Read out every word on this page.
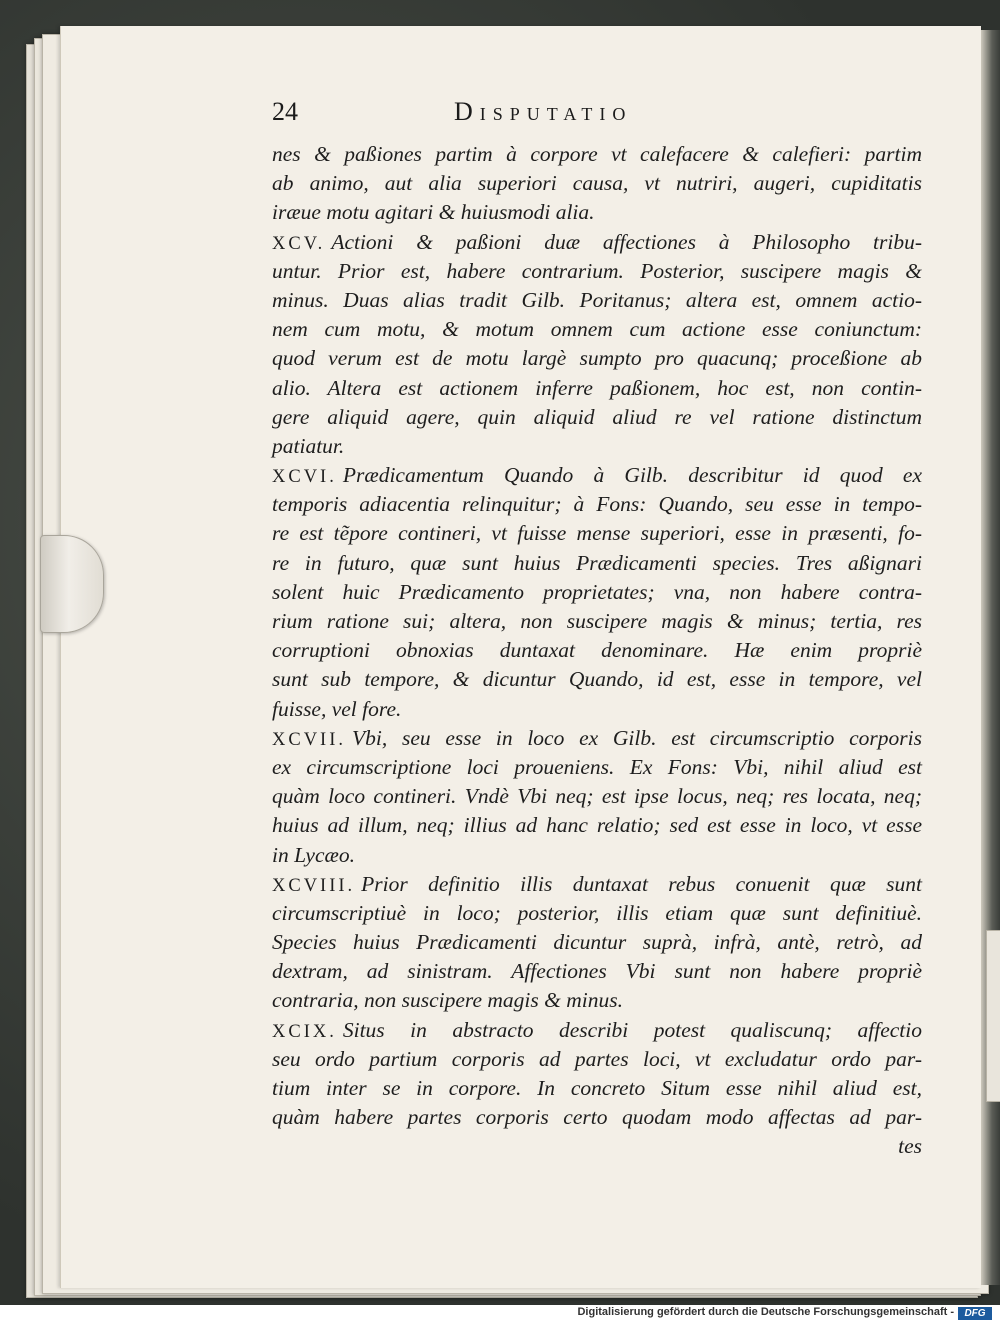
24	Disputatio
nes & paßiones partim à corpore vt calefacere & calefieri: partim
ab animo, aut alia superiori causa, vt nutriri, augeri, cupiditatis
iræue motu agitari & huiusmodi alia.
XCV. Actioni & paßioni duæ affectiones à Philosopho tribu-
untur. Prior est, habere contrarium. Posterior, suscipere magis &
minus. Duas alias tradit Gilb. Poritanus; altera est, omnem actio-
nem cum motu, & motum omnem cum actione esse coniunctum:
quod verum est de motu largè sumpto pro quacunq; proceßione ab
alio. Altera est actionem inferre paßionem, hoc est, non contin-
gere aliquid agere, quin aliquid aliud re vel ratione distinctum
patiatur.
XCVI. Prædicamentum Quando à Gilb. describitur id quod ex
temporis adiacentia relinquitur; à Fons: Quando, seu esse in tempo-
re est tẽpore contineri, vt fuisse mense superiori, esse in præsenti, fo-
re in futuro, quæ sunt huius Prædicamenti species. Tres aßignari
solent huic Prædicamento proprietates; vna, non habere contra-
rium ratione sui; altera, non suscipere magis & minus; tertia, res
corruptioni obnoxias duntaxat denominare. Hæ enim propriè
sunt sub tempore, & dicuntur Quando, id est, esse in tempore, vel
fuisse, vel fore.
XCVII. Vbi, seu esse in loco ex Gilb. est circumscriptio corporis
ex circumscriptione loci proueniens. Ex Fons: Vbi, nihil aliud est
quàm loco contineri. Vndè Vbi neq; est ipse locus, neq; res locata, neq;
huius ad illum, neq; illius ad hanc relatio; sed est esse in loco, vt esse
in Lycæo.
XCVIII. Prior definitio illis duntaxat rebus conuenit quæ sunt
circumscriptiuè in loco; posterior, illis etiam quæ sunt definitiuè.
Species huius Prædicamenti dicuntur suprà, infrà, antè, retrò, ad
dextram, ad sinistram. Affectiones Vbi sunt non habere propriè
contraria, non suscipere magis & minus.
XCIX. Situs in abstracto describi potest qualiscunq; affectio
seu ordo partium corporis ad partes loci, vt excludatur ordo par-
tium inter se in corpore. In concreto Situm esse nihil aliud est,
quàm habere partes corporis certo quodam modo affectas ad par-
tes
Digitalisierung gefördert durch die Deutsche Forschungsgemeinschaft -	DFG
